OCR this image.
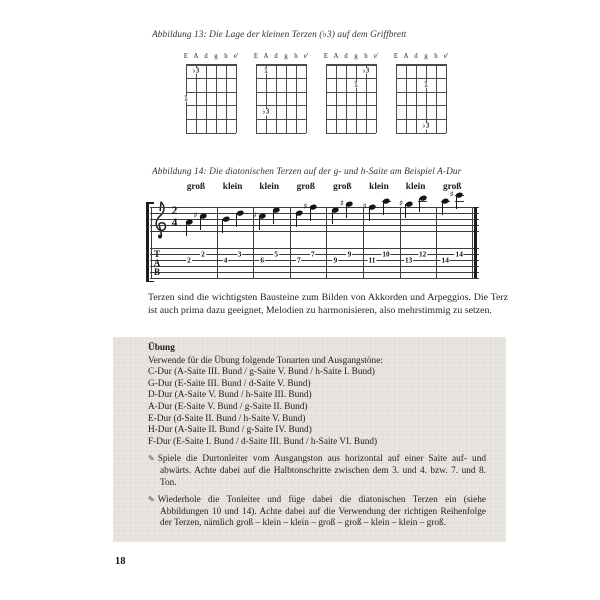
Abbildung 13: Die Lage der kleinen Terzen (♭3) auf dem Griffbrett
E A d g h e'
♭3
1
E A d g h e'
1
♭3
E A d g h e'
♭3
1
E A d g h e'
1
♭3
Abbildung 14: Die diatonischen Terzen auf der g- und h-Saite am Beispiel A-Dur
2
4
T
A
B
groß
2
♯
2
klein
4
3
klein
♯
6
5
groß
7
♯
7
groß
9
♯
9
klein
♯
11
10
klein
♯
13
12
groß
14
♯
14

Terzen sind die wichtigsten Bausteine zum Bilden von Akkorden und Arpeggios. Die Terz ist auch prima dazu geeignet, Melodien zu harmonisieren, also mehrstimmig zu setzen.

Übung
Verwende für die Übung folgende Tonarten und Ausgangstöne:
C-Dur (A-Saite III. Bund / g-Saite V. Bund / h-Saite I. Bund)
G-Dur (E-Saite III. Bund / d-Saite V. Bund)
D-Dur (A-Saite V. Bund / h-Saite III. Bund)
A-Dur (E-Saite V. Bund / g-Saite II. Bund)
E-Dur (d-Saite II. Bund / h-Saite V. Bund)
H-Dur (A-Saite II. Bund / g-Saite IV. Bund)
F-Dur (E-Saite I. Bund / d-Saite III. Bund / h-Saite VI. Bund)
✎ Spiele die Durtonleiter vom Ausgangston aus horizontal auf einer Saite auf- und abwärts. Achte dabei auf die Halbtonschritte zwischen dem 3. und 4. bzw. 7. und 8. Ton.
✎ Wiederhole die Tonleiter und füge dabei die diatonischen Terzen ein (siehe Abbildungen 10 und 14). Achte dabei auf die Verwendung der richtigen Reihenfolge der Terzen, nämlich groß – klein – klein – groß – groß – klein – klein – groß.
18
